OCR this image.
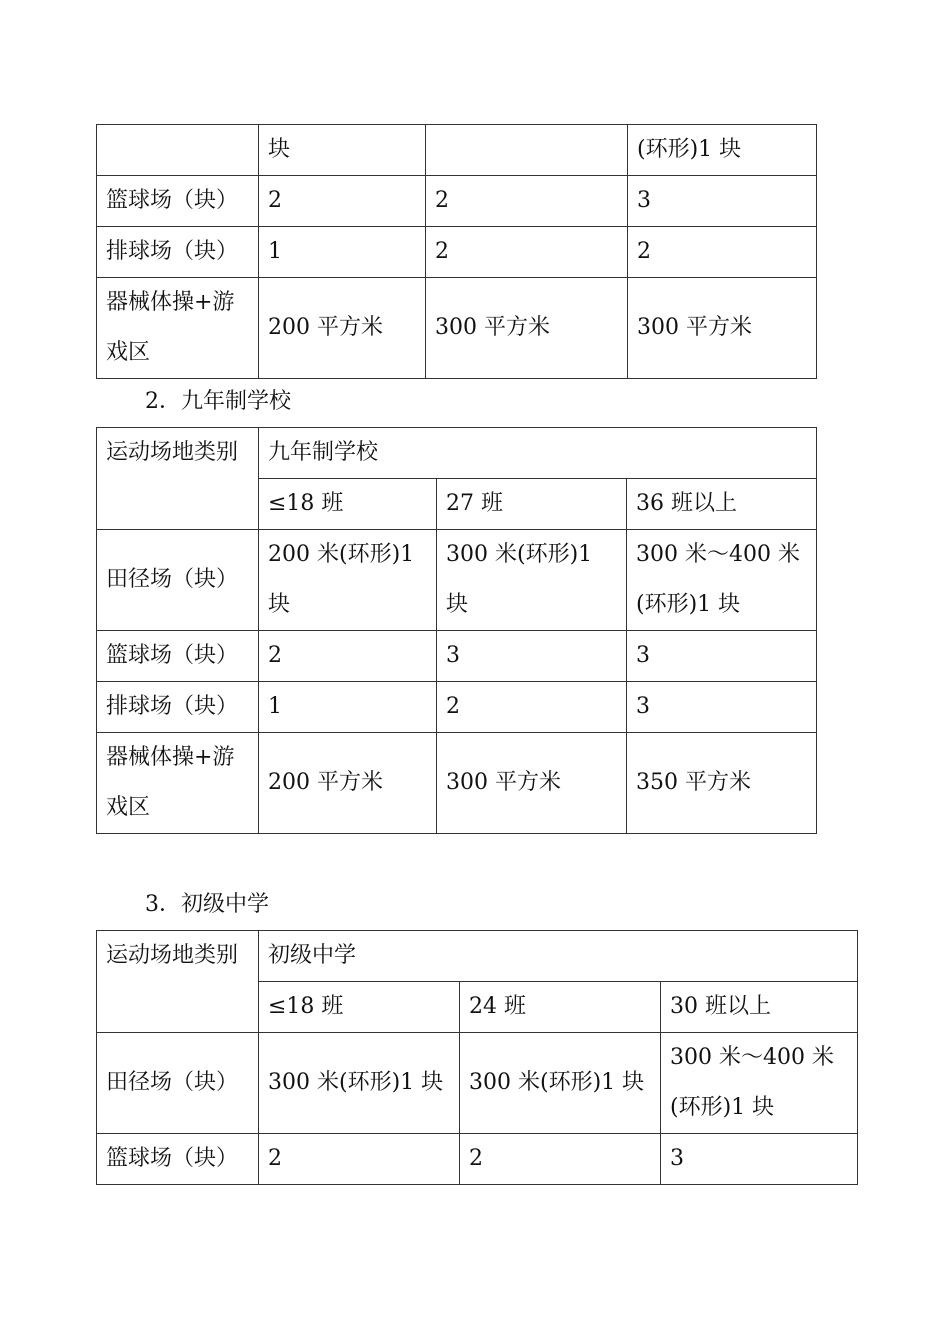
	块		(环形)1 块
篮球场（块）	2	2	3
排球场（块）	1	2	2
器械体操+游戏区	200 平方米	300 平方米	300 平方米

2．九年制学校

运动场地类别	九年制学校		
	≤18 班	27 班	36 班以上
田径场（块）	200 米(环形)1 块	300 米(环形)1 块	300 米～400 米(环形)1 块
篮球场（块）	2	3	3
排球场（块）	1	2	3
器械体操+游戏区	200 平方米	300 平方米	350 平方米

3．初级中学

运动场地类别	初级中学		
	≤18 班	24 班	30 班以上
田径场（块）	300 米(环形)1 块	300 米(环形)1 块	300 米～400 米(环形)1 块
篮球场（块）	2	2	3
